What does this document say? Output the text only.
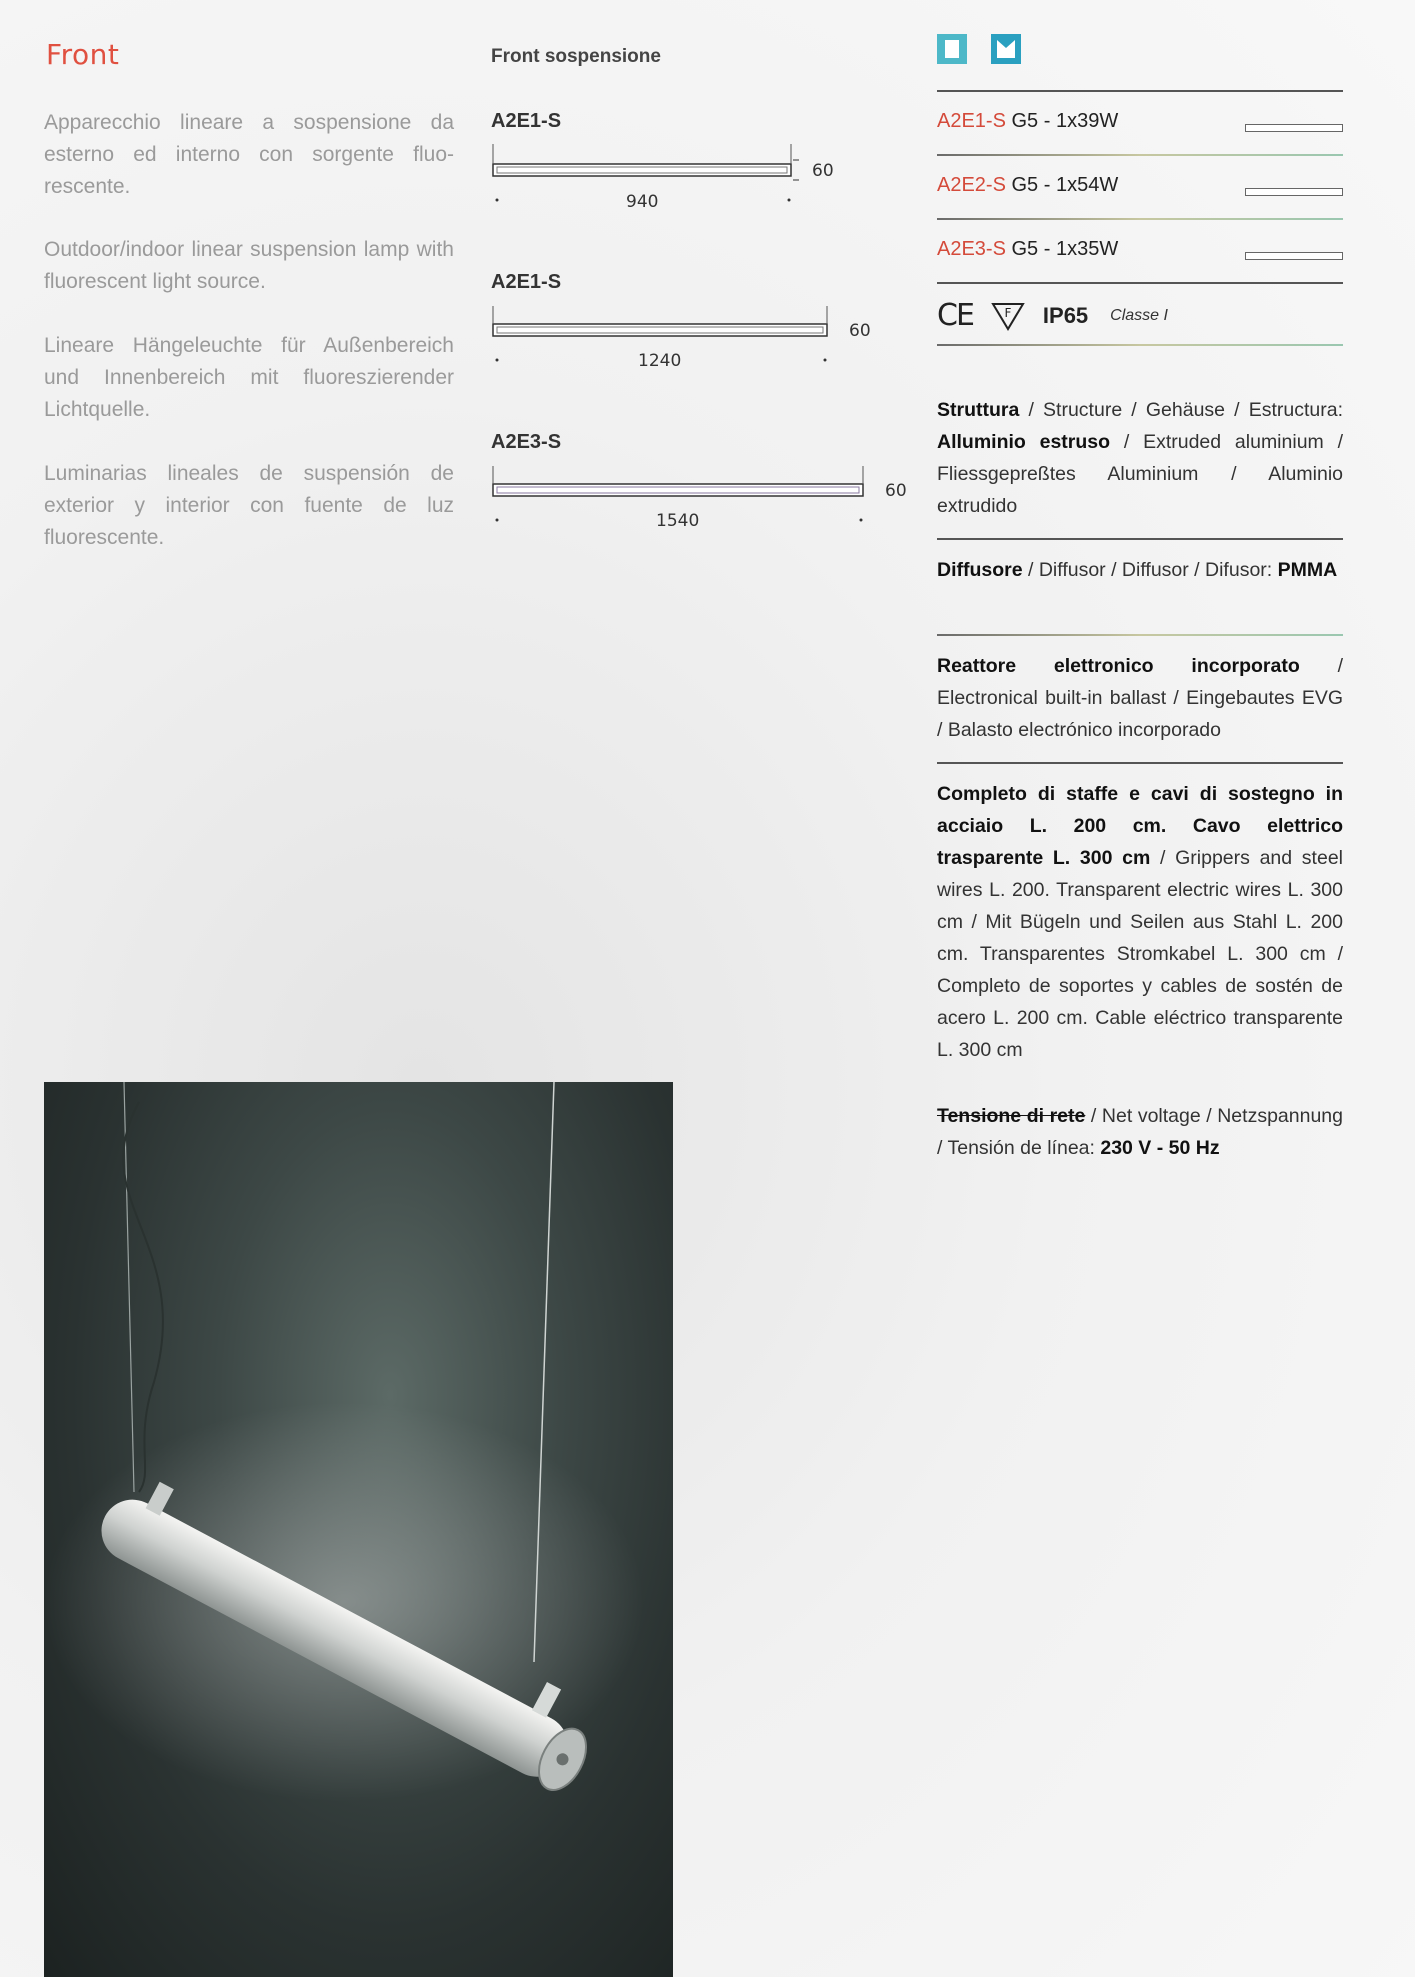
Front
Apparecchio lineare a sospensione da esterno ed interno con sorgente fluo-rescente.
Outdoor/indoor linear suspension lamp with fluorescent light source.
Lineare Hängeleuchte für Außenbereich und Innenbereich mit fluoreszierender Lichtquelle.
Luminarias lineales de suspensión de exterior y interior con fuente de luz fluorescente.
Front sospensione
A2E1-S
60
940
A2E1-S
60
1240
A2E3-S
60
1540
A2E1-S G5 - 1x39W
A2E2-S G5 - 1x54W
A2E3-S G5 - 1x35W
CE	F IP65 Classe I
Struttura / Structure / Gehäuse / Estructura: Alluminio estruso / Extruded aluminium / Fliessgepreßtes Aluminium / Aluminio extrudido
Diffusore / Diffusor / Diffusor / Difusor: PMMA
Reattore elettronico incorporato / Electronical built-in ballast / Eingebautes EVG / Balasto electrónico incorporado
Completo di staffe e cavi di sostegno in acciaio L. 200 cm. Cavo elettrico trasparente L. 300 cm / Grippers and steel wires L. 200. Transparent electric wires L. 300 cm / Mit Bügeln und Seilen aus Stahl L. 200 cm. Transparentes Stromkabel L. 300 cm / Completo de soportes y cables de sostén de acero L. 200 cm. Cable eléctrico transparente L. 300 cm
Tensione di rete / Net voltage / Netzspannung / Tensión de línea: 230 V - 50 Hz
